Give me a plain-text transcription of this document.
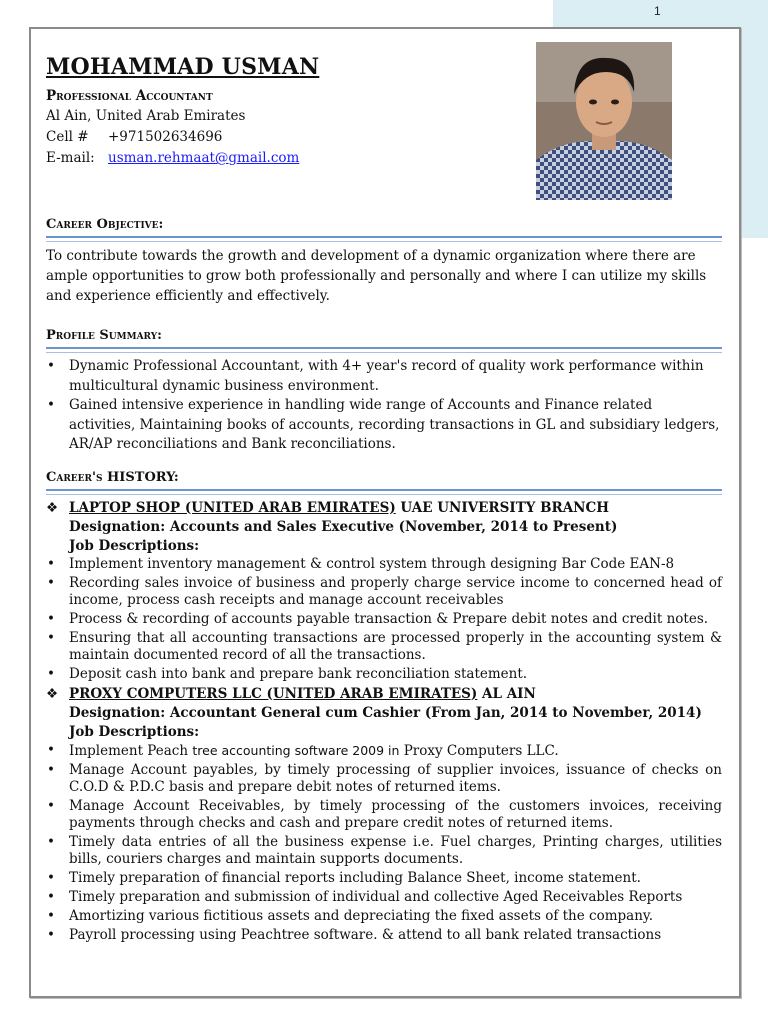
1
MOHAMMAD USMAN
Professional Accountant
Al Ain, United Arab Emirates
Cell # +971502634696
E-mail: usman.rehmaat@gmail.com
Career Objective:

To contribute towards the growth and development of a dynamic organization where there are ample opportunities to grow both professionally and personally and where I can utilize my skills and experience efficiently and effectively.

Profile Summary:
• Dynamic Professional Accountant, with 4+ year's record of quality work performance within multicultural dynamic business environment.
• Gained intensive experience in handling wide range of Accounts and Finance related activities, Maintaining books of accounts, recording transactions in GL and subsidiary ledgers, AR/AP reconciliations and Bank reconciliations.
Career's HISTORY:
❖ LAPTOP SHOP (UNITED ARAB EMIRATES) UAE UNIVERSITY BRANCH
Designation: Accounts and Sales Executive (November, 2014 to Present)
Job Descriptions:
• Implement inventory management & control system through designing Bar Code EAN-8
• Recording sales invoice of business and properly charge service income to concerned head of income, process cash receipts and manage account receivables
• Process & recording of accounts payable transaction & Prepare debit notes and credit notes.
• Ensuring that all accounting transactions are processed properly in the accounting system & maintain documented record of all the transactions.
• Deposit cash into bank and prepare bank reconciliation statement.
❖ PROXY COMPUTERS LLC (UNITED ARAB EMIRATES) AL AIN
Designation: Accountant General cum Cashier (From Jan, 2014 to November, 2014)
Job Descriptions:
• Implement Peach tree accounting software 2009 in Proxy Computers LLC.
• Manage Account payables, by timely processing of supplier invoices, issuance of checks on C.O.D & P.D.C basis and prepare debit notes of returned items.
• Manage Account Receivables, by timely processing of the customers invoices, receiving payments through checks and cash and prepare credit notes of returned items.
• Timely data entries of all the business expense i.e. Fuel charges, Printing charges, utilities bills, couriers charges and maintain supports documents.
• Timely preparation of financial reports including Balance Sheet, income statement.
• Timely preparation and submission of individual and collective Aged Receivables Reports
• Amortizing various fictitious assets and depreciating the fixed assets of the company.
• Payroll processing using Peachtree software. & attend to all bank related transactions
